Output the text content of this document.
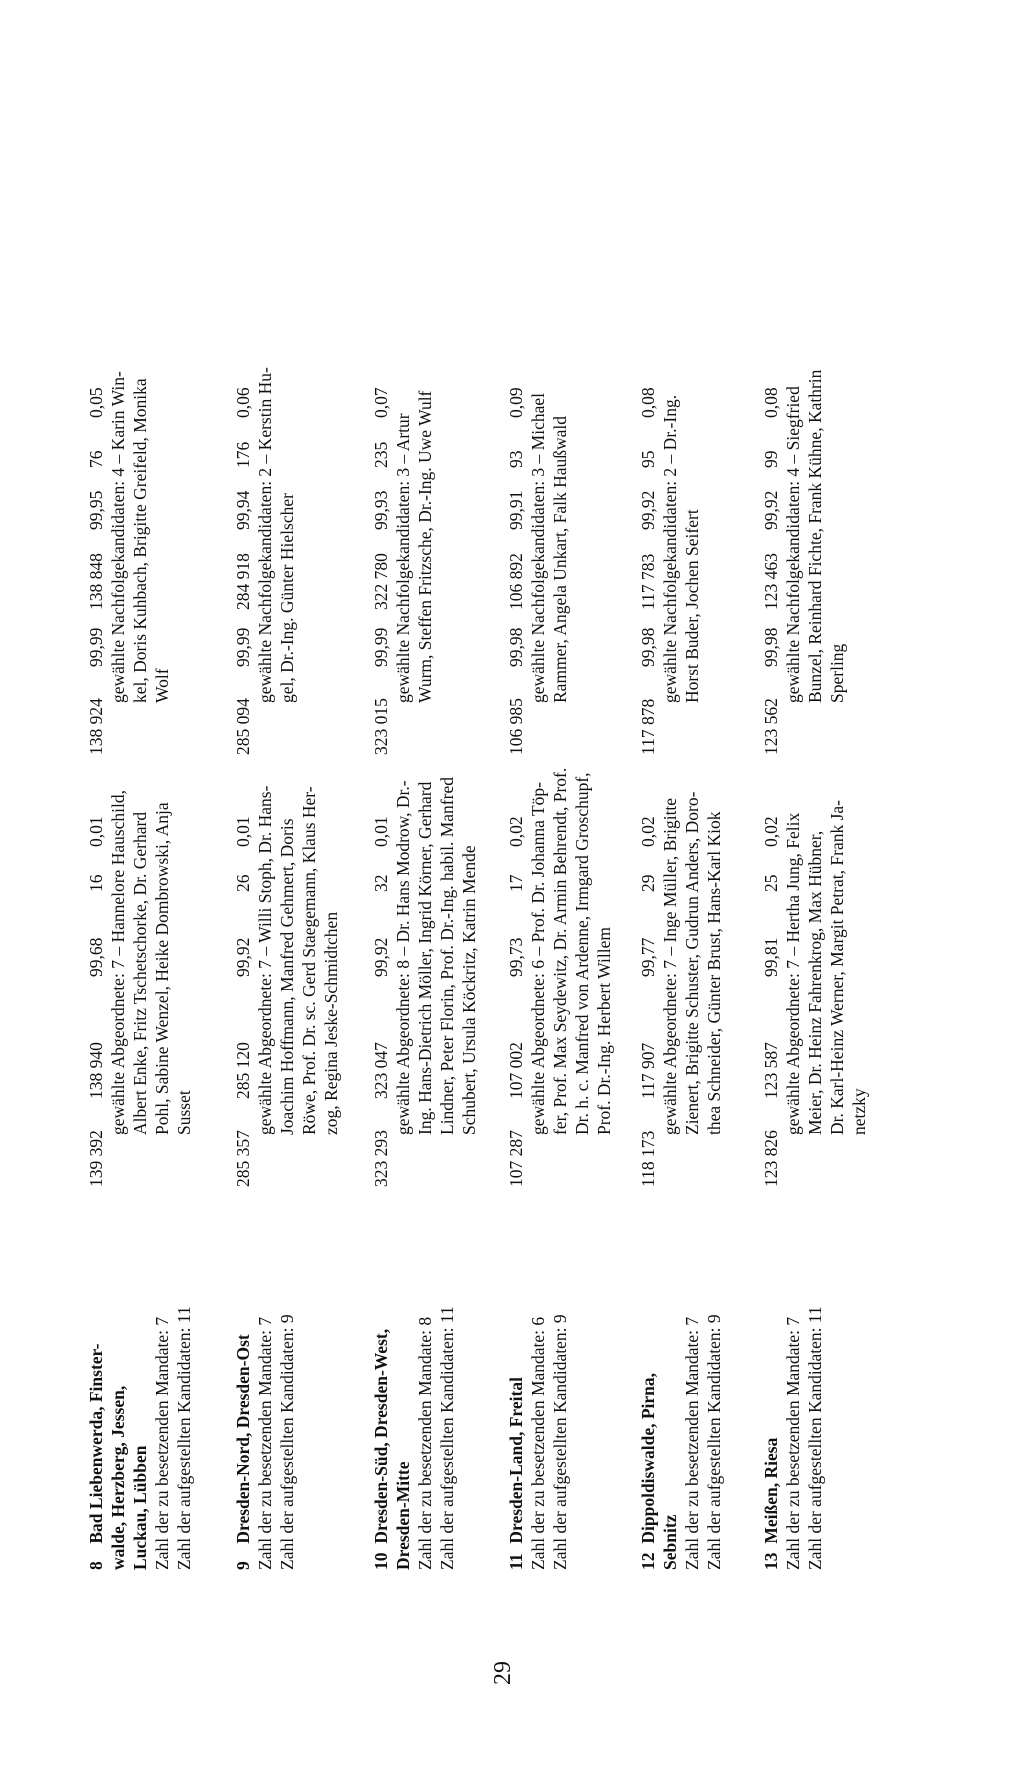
8 Bad Liebenwerda, Finster- walde, Herzberg, Jessen, Luckau, Lübben Zahl der zu besetzenden Mandate: 7 Zahl der aufgestellten Kandidaten: 11
139 392
138 940
99,68
16
0,01 gewählte Abgeordnete: 7 – Hannelore Hauschild, Albert Enke, Fritz Tschetschorke, Dr. Gerhard Pohl, Sabine Wenzel, Heike Dombrowski, Anja Susset
138 924
99,99
138 848
99,95
76
0,05 gewählte Nachfolgekandidaten: 4 – Karin Win- kel, Doris Kuhbach, Brigitte Greifeld, Monika Wolf
9 Dresden-Nord, Dresden-Ost Zahl der zu besetzenden Mandate: 7 Zahl der aufgestellten Kandidaten: 9
285 357
285 120
99,92
26
0,01 gewählte Abgeordnete: 7 – Willi Stoph, Dr. Hans- Joachim Hoffmann, Manfred Gehmert, Doris Röwe, Prof. Dr. sc. Gerd Staegemann, Klaus Her- zog, Regina Jeske-Schmidtchen
285 094
99,99
284 918
99,94
176
0,06 gewählte Nachfolgekandidaten: 2 – Kerstin Hu- gel, Dr.-Ing. Günter Hielscher
10 Dresden-Süd, Dresden-West, Dresden-Mitte Zahl der zu besetzenden Mandate: 8 Zahl der aufgestellten Kandidaten: 11
323 293
323 047
99,92
32
0,01 gewählte Abgeordnete: 8 – Dr. Hans Modrow, Dr.- Ing. Hans-Dietrich Möller, Ingrid Körner, Gerhard Lindner, Peter Florin, Prof. Dr.-Ing. habil. Manfred Schubert, Ursula Köckritz, Katrin Mende
323 015
99,99
322 780
99,93
235
0,07
gewählte Nachfolgekandidaten: 3 – Artur Wurm, Steffen Fritzsche, Dr.-Ing. Uwe Wulf
11 Dresden-Land, Freital Zahl der zu besetzenden Mandate: 6 Zahl der aufgestellten Kandidaten: 9
107 287
107 002
99,73
17
0,02 gewählte Abgeordnete: 6 – Prof. Dr. Johanna Töp- fer, Prof. Max Seydewitz, Dr. Armin Behrendt, Prof. Dr. h. c. Manfred von Ardenne, Irmgard Groschupf, Prof. Dr.-Ing. Herbert Willem
106 985
99,98
106 892
99,91
93
0,09 gewählte Nachfolgekandidaten: 3 – Michael Rammer, Angela Unkart, Falk Haußwald
12 Dippoldiswalde, Pirna, Sebnitz Zahl der zu besetzenden Mandate: 7 Zahl der aufgestellten Kandidaten: 9
118 173
117 907
99,77
29
0,02 gewählte Abgeordnete: 7 – Inge Müller, Brigitte Zienert, Brigitte Schuster, Gudrun Anders, Doro- thea Schneider, Günter Brust, Hans-Karl Kiok
117 878
99,98
117 783
99,92
95
0,08 gewählte Nachfolgekandidaten: 2 – Dr.-Ing. Horst Buder, Jochen Seifert
13 Meißen, Riesa Zahl der zu besetzenden Mandate: 7 Zahl der aufgestellten Kandidaten: 11
123 826
123 587
99,81
25
0,02 gewählte Abgeordnete: 7 – Hertha Jung, Felix Meier, Dr. Heinz Fahrenkrog, Max Hübner, Dr. Karl-Heinz Werner, Margit Petrat, Frank Ja- netzky
123 562
99,98
123 463
99,92
99
0,08 gewählte Nachfolgekandidaten: 4 – Siegfried Bunzel, Reinhard Fichte, Frank Kühne, Kathrin Sperling
29
